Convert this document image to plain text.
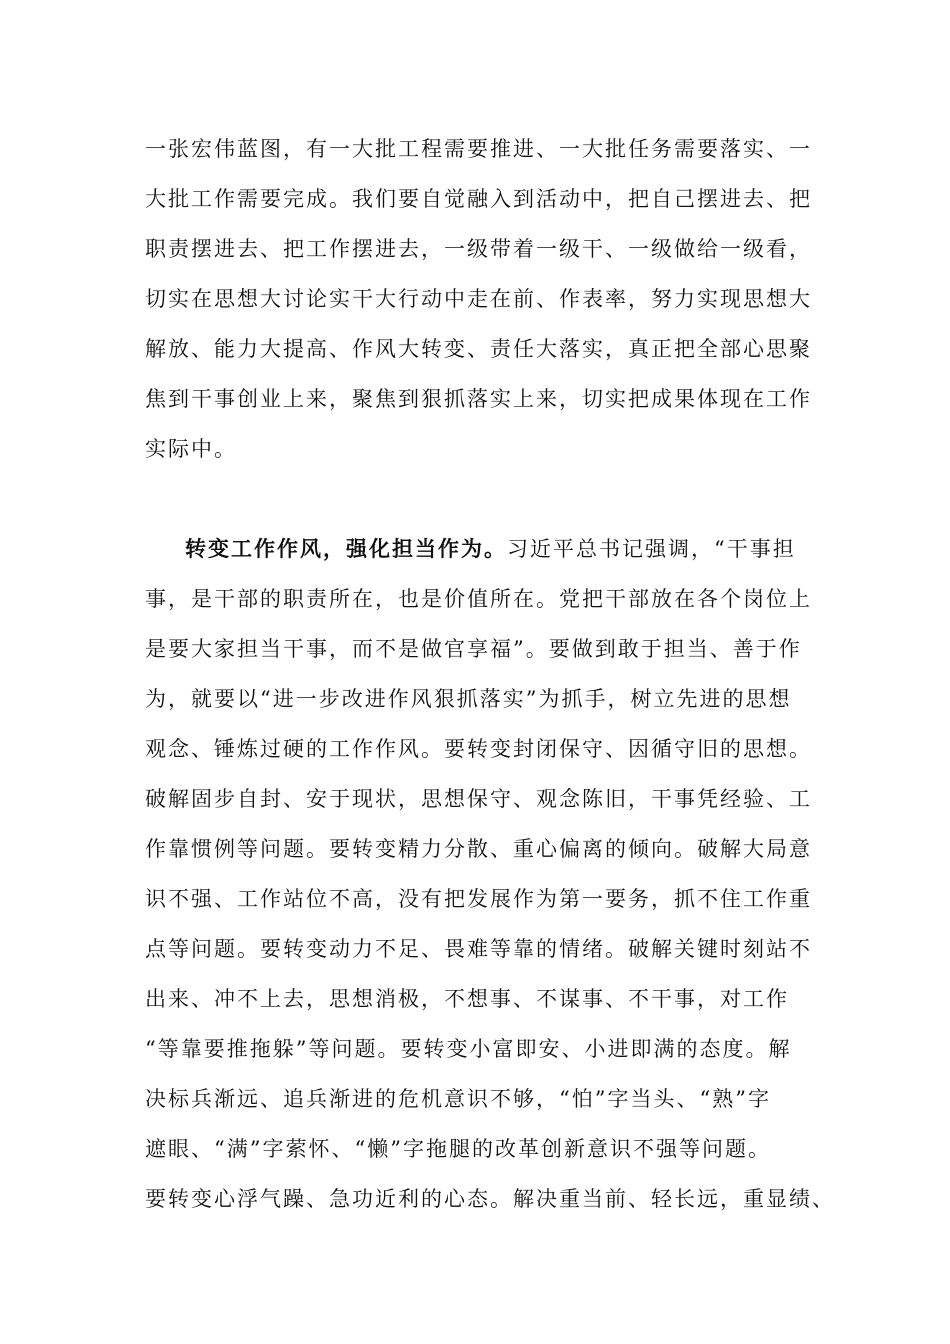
一张宏伟蓝图，有一大批工程需要推进、一大批任务需要落实、一
大批工作需要完成。我们要自觉融入到活动中，把自己摆进去、把
职责摆进去、把工作摆进去，一级带着一级干、一级做给一级看，
切实在思想大讨论实干大行动中走在前、作表率，努力实现思想大
解放、能力大提高、作风大转变、责任大落实，真正把全部心思聚
焦到干事创业上来，聚焦到狠抓落实上来，切实把成果体现在工作
实际中。
转变工作作风，强化担当作为。习近平总书记强调，“干事担
事，是干部的职责所在，也是价值所在。党把干部放在各个岗位上
是要大家担当干事，而不是做官享福”。要做到敢于担当、善于作
为，就要以“进一步改进作风狠抓落实”为抓手，树立先进的思想
观念、锤炼过硬的工作作风。要转变封闭保守、因循守旧的思想。
破解固步自封、安于现状，思想保守、观念陈旧，干事凭经验、工
作靠惯例等问题。要转变精力分散、重心偏离的倾向。破解大局意
识不强、工作站位不高，没有把发展作为第一要务，抓不住工作重
点等问题。要转变动力不足、畏难等靠的情绪。破解关键时刻站不
出来、冲不上去，思想消极，不想事、不谋事、不干事，对工作
“等靠要推拖躲”等问题。要转变小富即安、小进即满的态度。解
决标兵渐远、追兵渐进的危机意识不够，“怕”字当头、“熟”字
遮眼、“满”字萦怀、“懒”字拖腿的改革创新意识不强等问题。
要转变心浮气躁、急功近利的心态。解决重当前、轻长远，重显绩、
